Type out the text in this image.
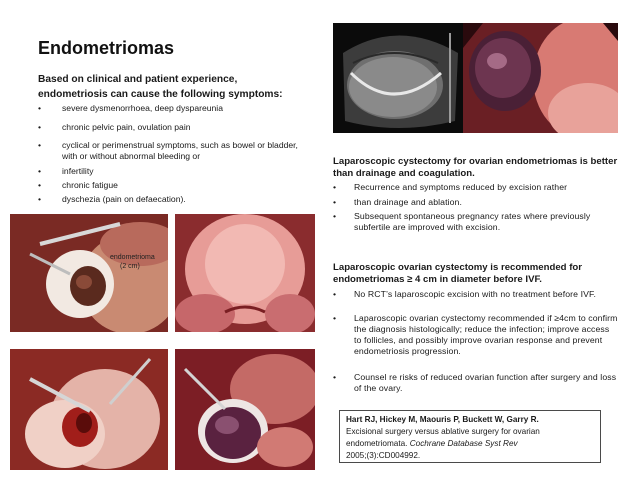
Endometriomas
Based on clinical and patient experience, endometriosis can cause the following symptoms:
• severe dysmenorrhoea, deep dyspareunia
• chronic pelvic pain, ovulation pain
• cyclical or perimenstrual symptoms, such as bowel or bladder, with or without abnormal bleeding or
• infertility
• chronic fatigue
• dyschezia (pain on defaecation).
endometrioma
(2 cm)
Laparoscopic cystectomy for ovarian endometriomas is better than drainage and coagulation.
• Recurrence and symptoms reduced by excision rather
• than drainage and ablation.
• Subsequent spontaneous pregnancy rates where previously subfertile are improved with excision.
Laparoscopic ovarian cystectomy is recommended for endometriomas ≥ 4 cm in diameter before IVF.
• No RCT’s laparoscopic excision with no treatment before IVF.
• Laparoscopic ovarian cystectomy recommended if ≥4cm to confirm the diagnosis histologically; reduce the infection; improve access to follicles, and possibly improve ovarian response and prevent endometriosis progression.
• Counsel re risks of reduced ovarian function after surgery and loss of the ovary.
Hart RJ, Hickey M, Maouris P, Buckett W, Garry R.
Excisional surgery versus ablative surgery for ovarian endometriomata. Cochrane Database Syst Rev
2005;(3):CD004992.
